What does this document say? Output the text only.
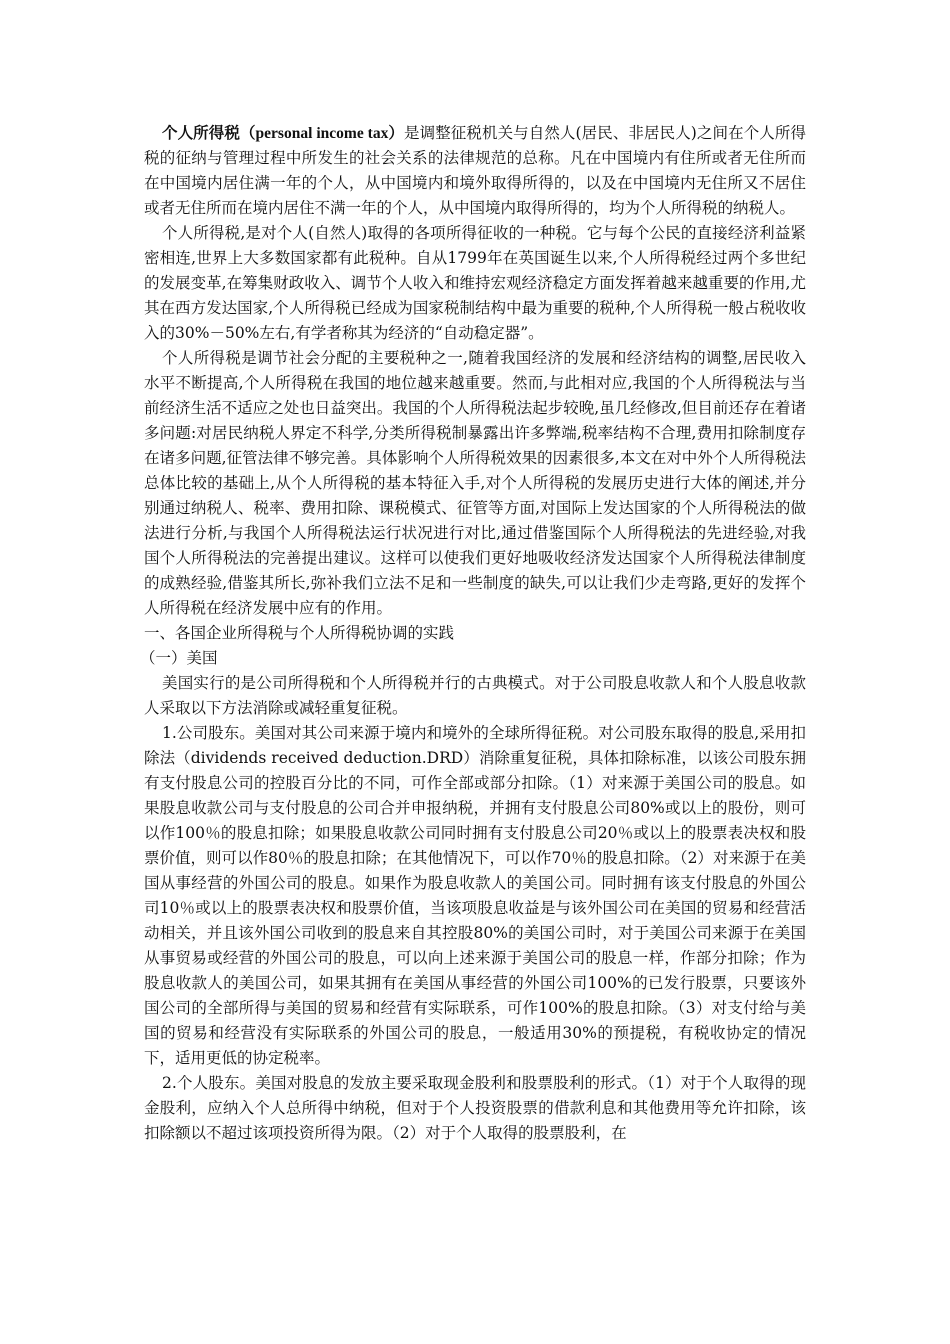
个人所得税（personal income tax）是调整征税机关与自然人(居民、非居民人)之间在个人所得税的征纳与管理过程中所发生的社会关系的法律规范的总称。凡在中国境内有住所或者无住所而在中国境内居住满一年的个人，从中国境内和境外取得所得的，以及在中国境内无住所又不居住或者无住所而在境内居住不满一年的个人，从中国境内取得所得的，均为个人所得税的纳税人。

个人所得税,是对个人(自然人)取得的各项所得征收的一种税。它与每个公民的直接经济利益紧密相连,世界上大多数国家都有此税种。自从1799年在英国诞生以来,个人所得税经过两个多世纪的发展变革,在筹集财政收入、调节个人收入和维持宏观经济稳定方面发挥着越来越重要的作用,尤其在西方发达国家,个人所得税已经成为国家税制结构中最为重要的税种,个人所得税一般占税收收入的30%－50%左右,有学者称其为经济的“自动稳定器”。

个人所得税是调节社会分配的主要税种之一,随着我国经济的发展和经济结构的调整,居民收入水平不断提高,个人所得税在我国的地位越来越重要。然而,与此相对应,我国的个人所得税法与当前经济生活不适应之处也日益突出。我国的个人所得税法起步较晚,虽几经修改,但目前还存在着诸多问题:对居民纳税人界定不科学,分类所得税制暴露出许多弊端,税率结构不合理,费用扣除制度存在诸多问题,征管法律不够完善。具体影响个人所得税效果的因素很多,本文在对中外个人所得税法总体比较的基础上,从个人所得税的基本特征入手,对个人所得税的发展历史进行大体的阐述,并分别通过纳税人、税率、费用扣除、课税模式、征管等方面,对国际上发达国家的个人所得税法的做法进行分析,与我国个人所得税法运行状况进行对比,通过借鉴国际个人所得税法的先进经验,对我国个人所得税法的完善提出建议。这样可以使我们更好地吸收经济发达国家个人所得税法律制度的成熟经验,借鉴其所长,弥补我们立法不足和一些制度的缺失,可以让我们少走弯路,更好的发挥个人所得税在经济发展中应有的作用。

一、各国企业所得税与个人所得税协调的实践

（一）美国

美国实行的是公司所得税和个人所得税并行的古典模式。对于公司股息收款人和个人股息收款人采取以下方法消除或减轻重复征税。

1.公司股东。美国对其公司来源于境内和境外的全球所得征税。对公司股东取得的股息,采用扣除法（dividends received deduction.DRD）消除重复征税，具体扣除标准，以该公司股东拥有支付股息公司的控股百分比的不同，可作全部或部分扣除。（1）对来源于美国公司的股息。如果股息收款公司与支付股息的公司合并申报纳税，并拥有支付股息公司80%或以上的股份，则可以作100％的股息扣除；如果股息收款公司同时拥有支付股息公司20％或以上的股票表决权和股票价值，则可以作80％的股息扣除；在其他情况下，可以作70％的股息扣除。（2）对来源于在美国从事经营的外国公司的股息。如果作为股息收款人的美国公司。同时拥有该支付股息的外国公司10％或以上的股票表决权和股票价值，当该项股息收益是与该外国公司在美国的贸易和经营活动相关，并且该外国公司收到的股息来自其控股80%的美国公司时，对于美国公司来源于在美国从事贸易或经营的外国公司的股息，可以向上述来源于美国公司的股息一样，作部分扣除；作为股息收款人的美国公司，如果其拥有在美国从事经营的外国公司100%的已发行股票，只要该外国公司的全部所得与美国的贸易和经营有实际联系，可作100%的股息扣除。（3）对支付给与美国的贸易和经营没有实际联系的外国公司的股息，一般适用30%的预提税，有税收协定的情况下，适用更低的协定税率。

2.个人股东。美国对股息的发放主要采取现金股利和股票股利的形式。（1）对于个人取得的现金股利，应纳入个人总所得中纳税，但对于个人投资股票的借款利息和其他费用等允许扣除，该扣除额以不超过该项投资所得为限。（2）对于个人取得的股票股利，在
